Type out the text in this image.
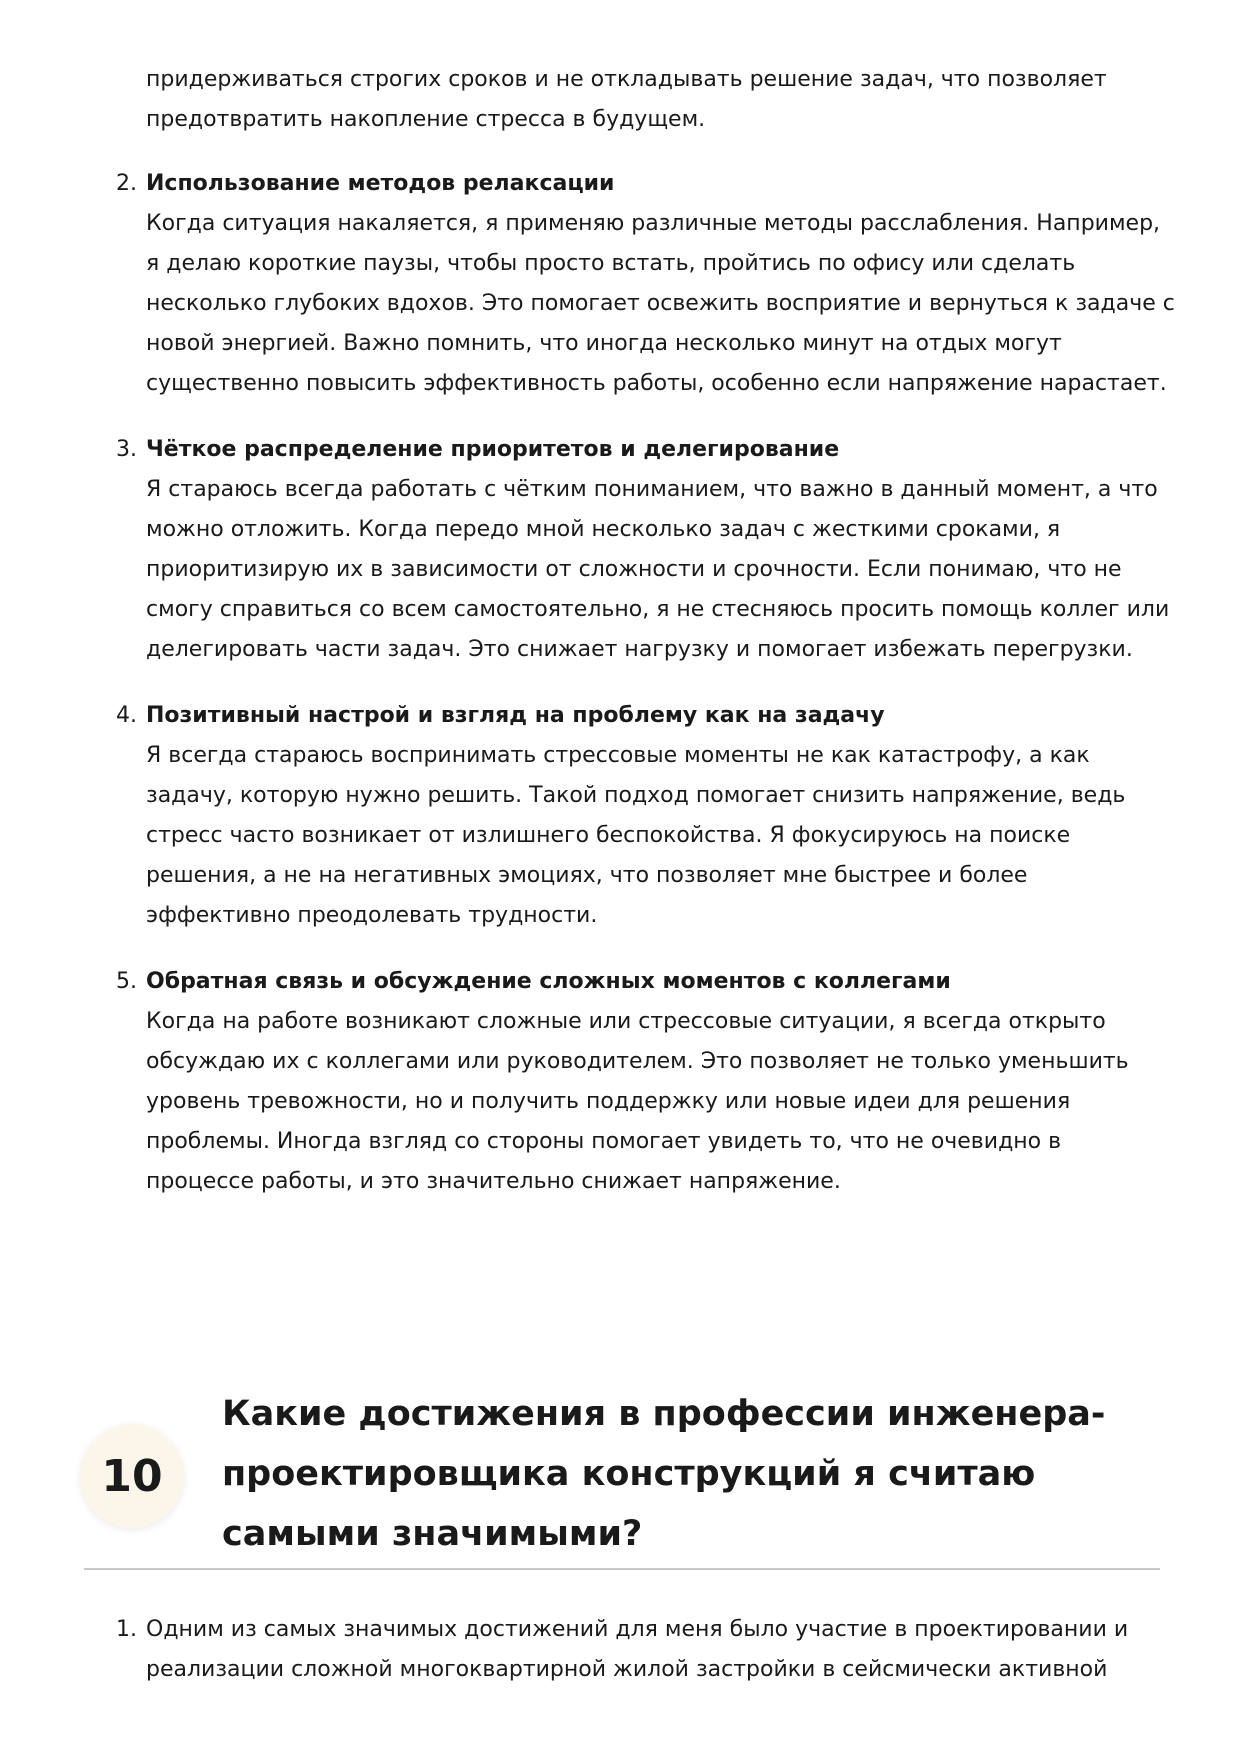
придерживаться строгих сроков и не откладывать решение задач, что позволяет предотвратить накопление стресса в будущем.

2. Использование методов релаксации
Когда ситуация накаляется, я применяю различные методы расслабления. Например, я делаю короткие паузы, чтобы просто встать, пройтись по офису или сделать несколько глубоких вдохов. Это помогает освежить восприятие и вернуться к задаче с новой энергией. Важно помнить, что иногда несколько минут на отдых могут существенно повысить эффективность работы, особенно если напряжение нарастает.
3. Чёткое распределение приоритетов и делегирование
Я стараюсь всегда работать с чётким пониманием, что важно в данный момент, а что можно отложить. Когда передо мной несколько задач с жесткими сроками, я приоритизирую их в зависимости от сложности и срочности. Если понимаю, что не смогу справиться со всем самостоятельно, я не стесняюсь просить помощь коллег или делегировать части задач. Это снижает нагрузку и помогает избежать перегрузки.
4. Позитивный настрой и взгляд на проблему как на задачу
Я всегда стараюсь воспринимать стрессовые моменты не как катастрофу, а как задачу, которую нужно решить. Такой подход помогает снизить напряжение, ведь стресс часто возникает от излишнего беспокойства. Я фокусируюсь на поиске решения, а не на негативных эмоциях, что позволяет мне быстрее и более эффективно преодолевать трудности.
5. Обратная связь и обсуждение сложных моментов с коллегами
Когда на работе возникают сложные или стрессовые ситуации, я всегда открыто обсуждаю их с коллегами или руководителем. Это позволяет не только уменьшить уровень тревожности, но и получить поддержку или новые идеи для решения проблемы. Иногда взгляд со стороны помогает увидеть то, что не очевидно в процессе работы, и это значительно снижает напряжение.
10
Какие достижения в профессии инженера-проектировщика конструкций я считаю самыми значимыми?
1. Одним из самых значимых достижений для меня было участие в проектировании и реализации сложной многоквартирной жилой застройки в сейсмически активной
